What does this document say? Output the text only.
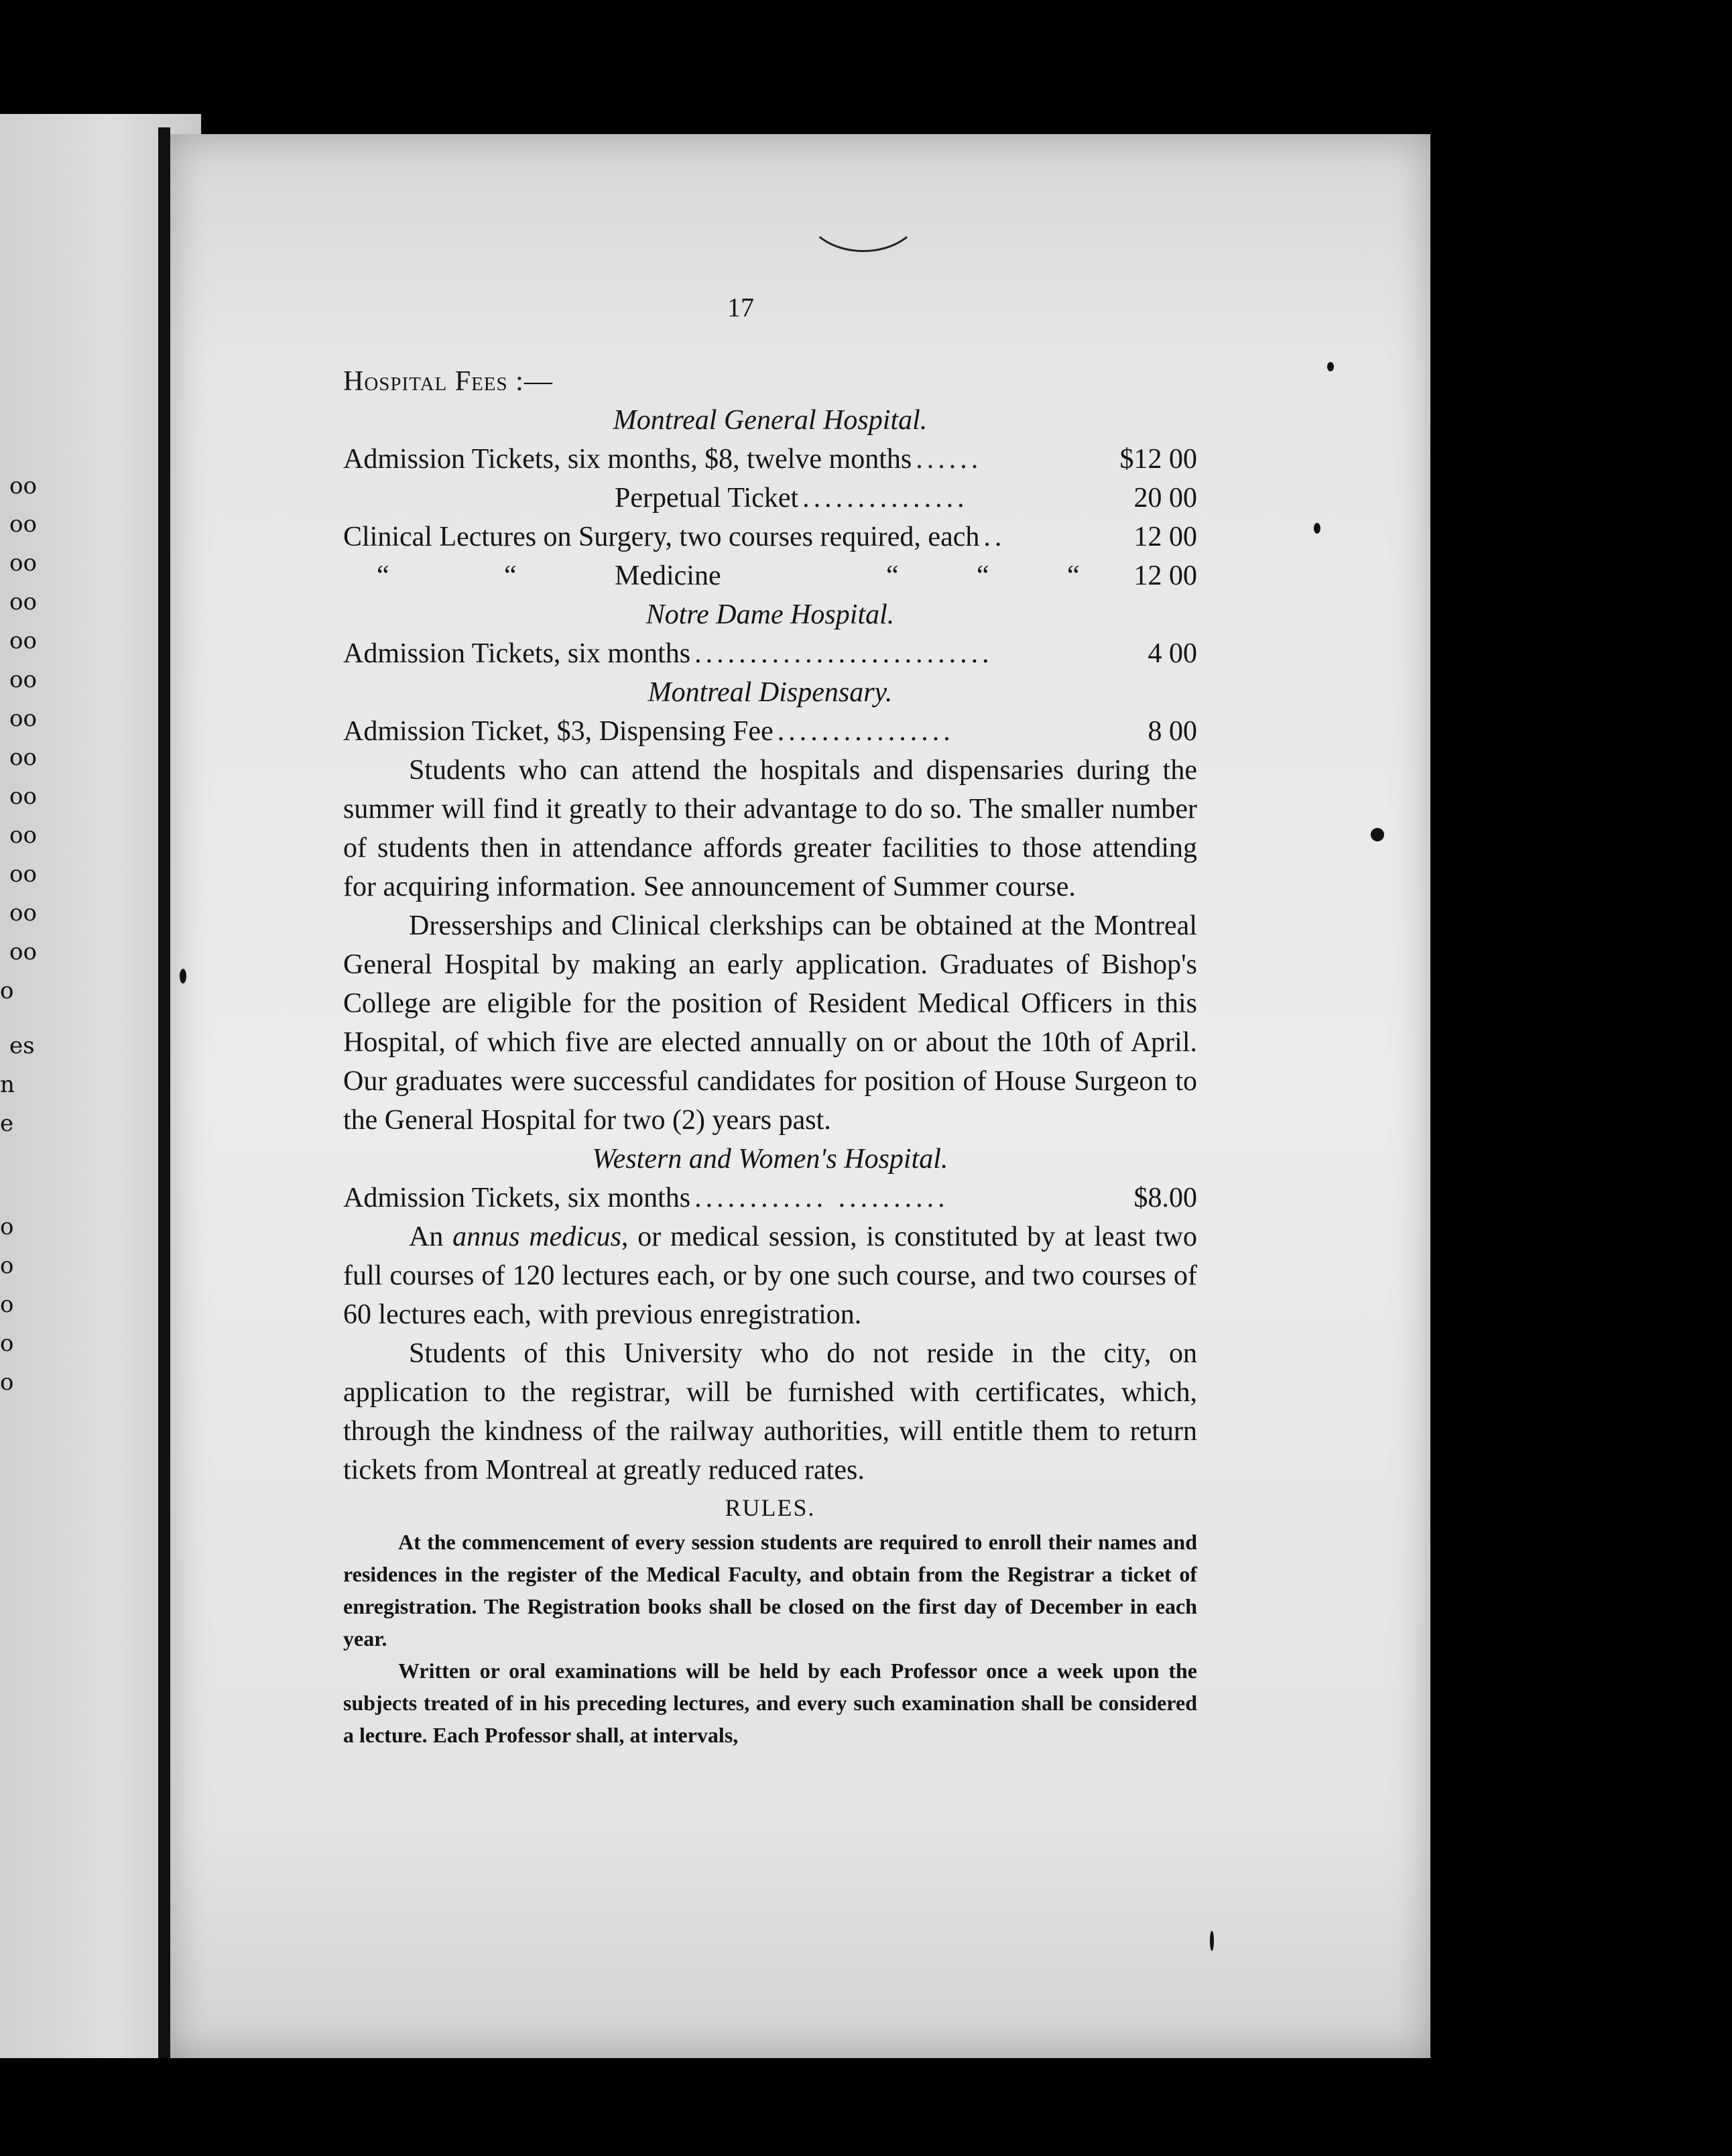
oo
oo
oo
oo
oo
oo
oo
oo
oo
oo
oo
oo
oo
o
es
n
e
o
o
o
o
o
17
Hospital Fees :—
Montreal General Hospital.
Admission Tickets, six months, $8, twelve months ......	$12 00
Perpetual Ticket ...............	20 00
Clinical Lectures on Surgery, two courses required, each ..	12 00
“	“	Medicine	“	“	“	12 00
Notre Dame Hospital.
Admission Tickets, six months ...........................	4 00
Montreal Dispensary.
Admission Ticket, $3, Dispensing Fee ................	8 00

Students who can attend the hospitals and dispensaries during the summer will find it greatly to their advantage to do so. The smaller number of students then in attendance affords greater facilities to those attending for acquiring information. See announcement of Summer course.

Dresserships and Clinical clerkships can be obtained at the Montreal General Hospital by making an early application. Graduates of Bishop's College are eligible for the position of Resident Medical Officers in this Hospital, of which five are elected annually on or about the 10th of April. Our graduates were successful candidates for position of House Surgeon to the General Hospital for two (2) years past.

Western and Women's Hospital.
Admission Tickets, six months ............ ..........	$8.00

An annus medicus, or medical session, is constituted by at least two full courses of 120 lectures each, or by one such course, and two courses of 60 lectures each, with previous enregistration.

Students of this University who do not reside in the city, on application to the registrar, will be furnished with certificates, which, through the kindness of the railway authorities, will entitle them to return tickets from Montreal at greatly reduced rates.

RULES.

At the commencement of every session students are required to enroll their names and residences in the register of the Medical Faculty, and obtain from the Registrar a ticket of enregistration. The Registration books shall be closed on the first day of December in each year.

Written or oral examinations will be held by each Professor once a week upon the subjects treated of in his preceding lectures, and every such examination shall be considered a lecture. Each Professor shall, at intervals,
